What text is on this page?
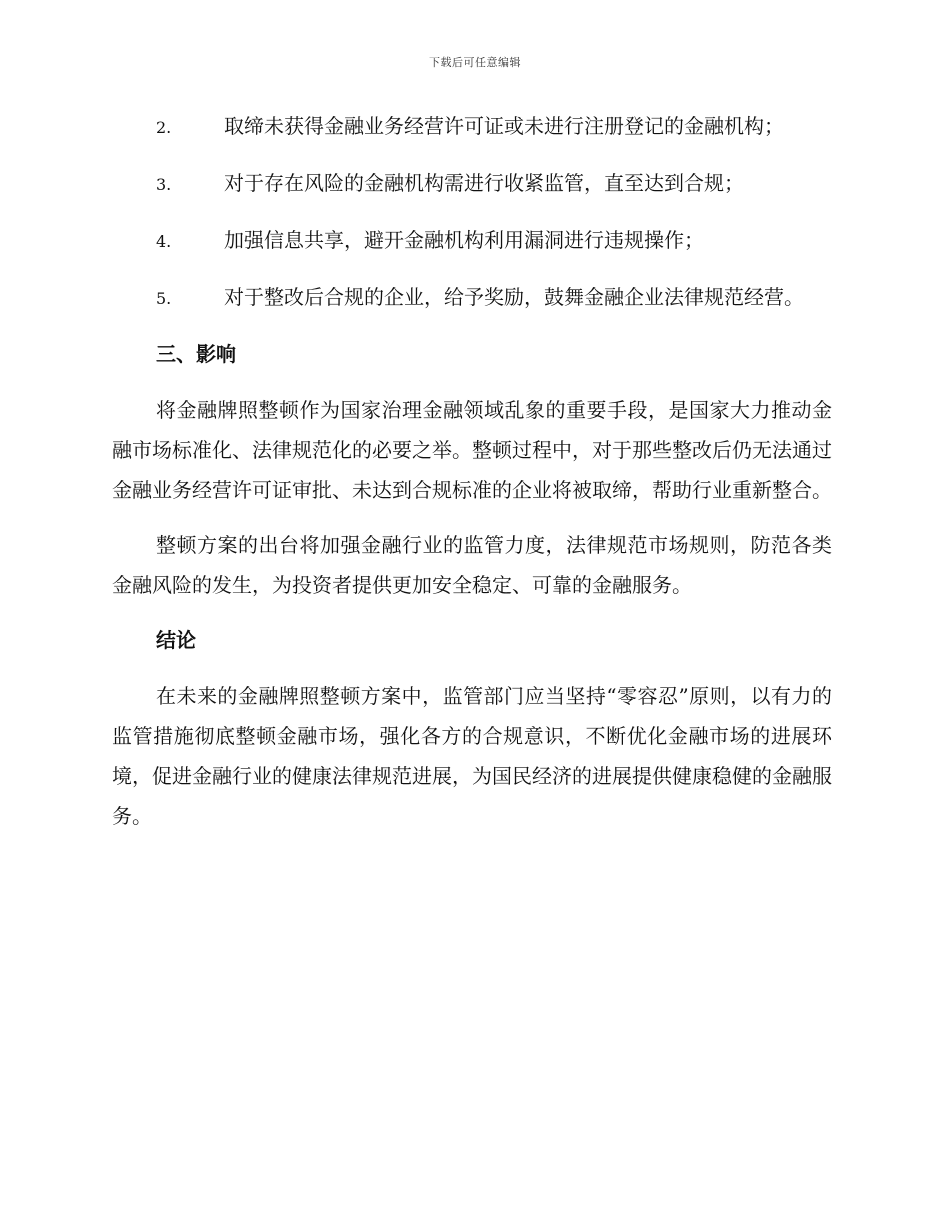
下载后可任意编辑
2.	取缔未获得金融业务经营许可证或未进行注册登记的金融机构；
3.	对于存在风险的金融机构需进行收紧监管，直至达到合规；
4.	加强信息共享，避开金融机构利用漏洞进行违规操作；
5.	对于整改后合规的企业，给予奖励，鼓舞金融企业法律规范经营。
三、影响

将金融牌照整顿作为国家治理金融领域乱象的重要手段，是国家大力推动金融市场标准化、法律规范化的必要之举。整顿过程中，对于那些整改后仍无法通过金融业务经营许可证审批、未达到合规标准的企业将被取缔，帮助行业重新整合。

整顿方案的出台将加强金融行业的监管力度，法律规范市场规则，防范各类金融风险的发生，为投资者提供更加安全稳定、可靠的金融服务。

结论

在未来的金融牌照整顿方案中，监管部门应当坚持“零容忍”原则，以有力的监管措施彻底整顿金融市场，强化各方的合规意识，不断优化金融市场的进展环境，促进金融行业的健康法律规范进展，为国民经济的进展提供健康稳健的金融服务。
